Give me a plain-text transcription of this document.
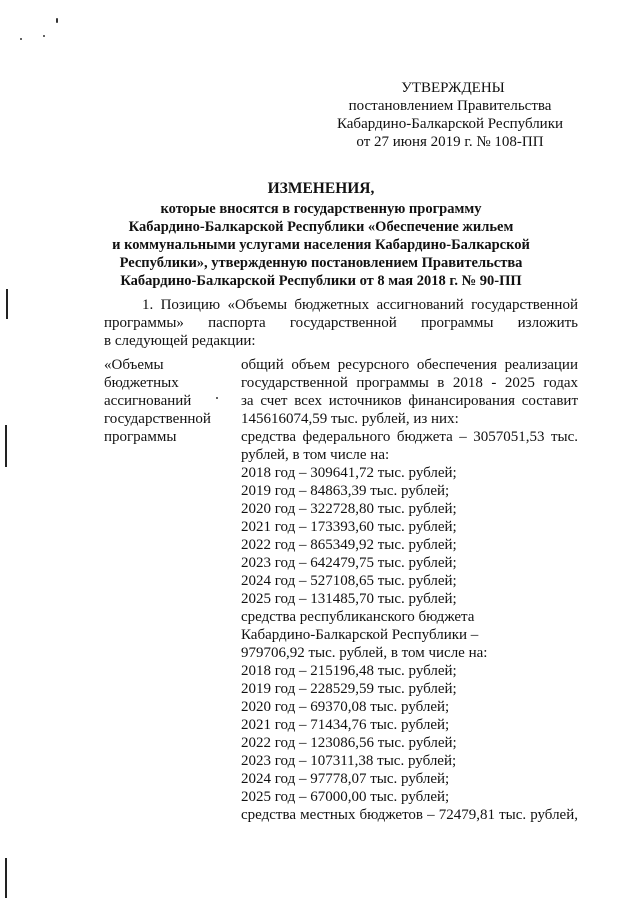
УТВЕРЖДЕНЫ
постановлением Правительства
Кабардино-Балкарской Республики
от 27 июня 2019 г. № 108-ПП
ИЗМЕНЕНИЯ,
которые вносятся в государственную программу
Кабардино-Балкарской Республики «Обеспечение жильем
и коммунальными услугами населения Кабардино-Балкарской
Республики», утвержденную постановлением Правительства
Кабардино-Балкарской Республики от 8 мая 2018 г. № 90-ПП
1. Позицию «Объемы бюджетных ассигнований государственной
программы» паспорта государственной программы изложить
в следующей редакции:
«Объемы
бюджетных
ассигнований
государственной
программы
общий объем ресурсного обеспечения реализации
государственной программы в 2018 - 2025 годах
за счет всех источников финансирования составит
145616074,59 тыс. рублей, из них:
средства федерального бюджета – 3057051,53 тыс.
рублей, в том числе на:
2018 год – 309641,72 тыс. рублей;
2019 год – 84863,39 тыс. рублей;
2020 год – 322728,80 тыс. рублей;
2021 год – 173393,60 тыс. рублей;
2022 год – 865349,92 тыс. рублей;
2023 год – 642479,75 тыс. рублей;
2024 год – 527108,65 тыс. рублей;
2025 год – 131485,70 тыс. рублей;
средства республиканского бюджета
Кабардино-Балкарской Республики –
979706,92 тыс. рублей, в том числе на:
2018 год – 215196,48 тыс. рублей;
2019 год – 228529,59 тыс. рублей;
2020 год – 69370,08 тыс. рублей;
2021 год – 71434,76 тыс. рублей;
2022 год – 123086,56 тыс. рублей;
2023 год – 107311,38 тыс. рублей;
2024 год – 97778,07 тыс. рублей;
2025 год – 67000,00 тыс. рублей;
средства местных бюджетов – 72479,81 тыс. рублей,
